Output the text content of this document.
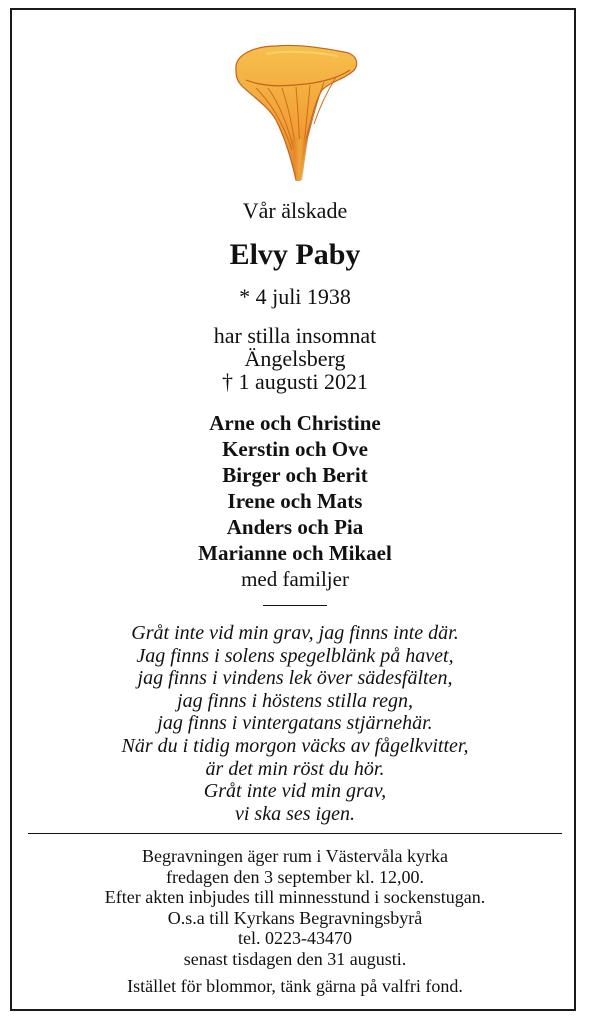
Vår älskade
Elvy Paby
* 4 juli 1938
har stilla insomnat
Ängelsberg
† 1 augusti 2021
Arne och Christine
Kerstin och Ove
Birger och Berit
Irene och Mats
Anders och Pia
Marianne och Mikael
med familjer
Gråt inte vid min grav, jag finns inte där.
Jag finns i solens spegelblänk på havet,
jag finns i vindens lek över sädesfälten,
jag finns i höstens stilla regn,
jag finns i vintergatans stjärnehär.
När du i tidig morgon väcks av fågelkvitter,
är det min röst du hör.
Gråt inte vid min grav,
vi ska ses igen.
Begravningen äger rum i Västervåla kyrka
fredagen den 3 september kl. 12,00.
Efter akten inbjudes till minnesstund i sockenstugan.
O.s.a till Kyrkans Begravningsbyrå
tel. 0223-43470
senast tisdagen den 31 augusti.
Istället för blommor, tänk gärna på valfri fond.
